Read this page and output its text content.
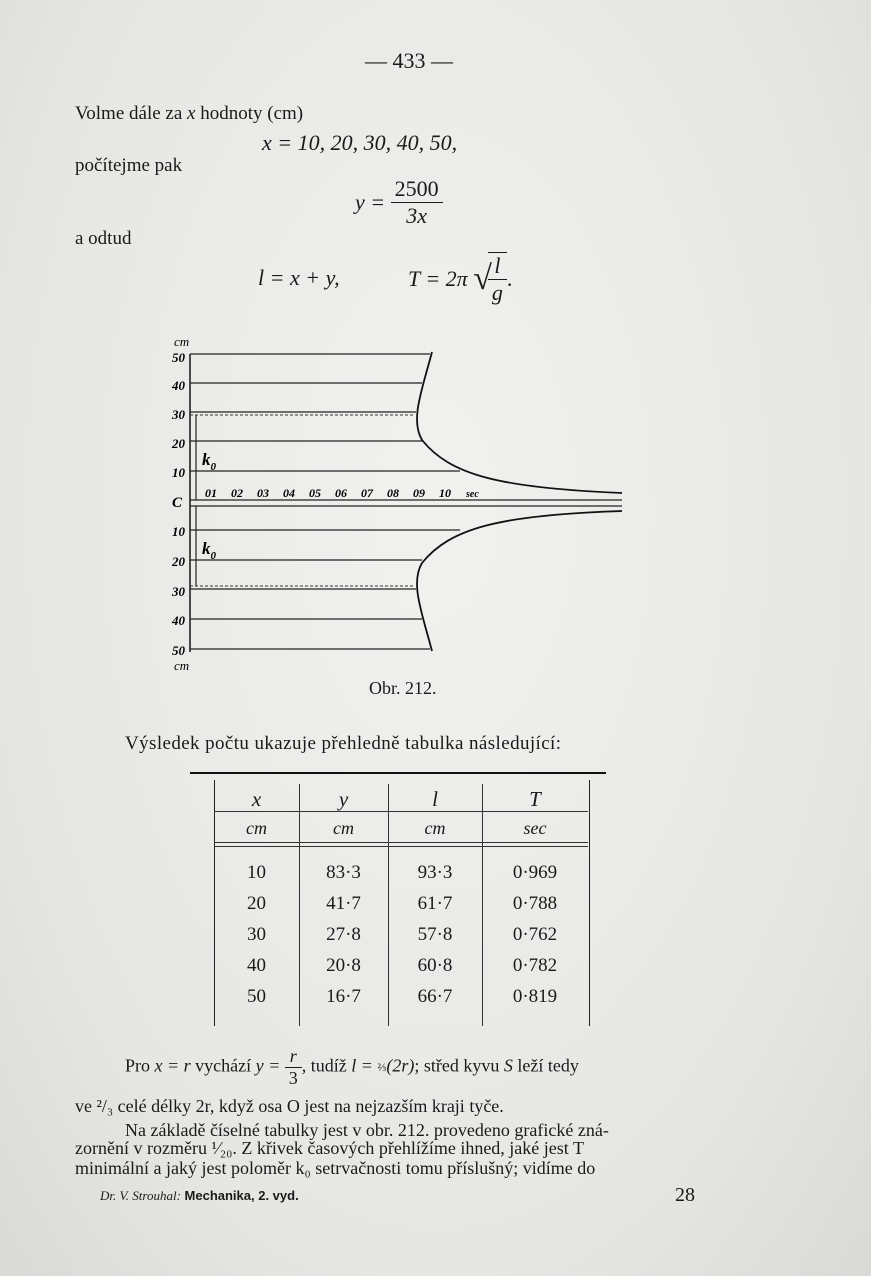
— 433 —
Volme dále za x hodnoty (cm)
x = 10, 20, 30, 40, 50,
počítejme pak
$y = \frac{2500}{3x}$
a odtud
l = x + y,	T = 2π √
$\frac{l}{g}$ .
cm
50
40
30
20
10
C
10
20
30
40
50
cm
$k_0$
$k_0$
01 02 03 04 05 06 07 08 09 10 sec
Obr. 212.
Výsledek počtu ukazuje přehledně tabulka následující:
x	y	l	T
cm	cm	cm	sec
10	83·3	93·3	0·969
20	41·7	61·7	0·788
30	27·8	57·8	0·762
40	20·8	60·8	0·782
50	16·7	66·7	0·819
Pro x = r vychází $y = \frac{r}{3}$ , tudíž l = ⅔(2r); střed kyvu S leží tedy
ve ²/₃ celé délky 2r, když osa O jest na nejzazším kraji tyče.
Na základě číselné tabulky jest v obr. 212. provedeno grafické zná-
zornění v rozměru ¹⁄₂₀. Z křivek časových přehlížíme ihned, jaké jest T
minimální a jaký jest poloměr k₀ setrvačnosti tomu příslušný; vidíme do
Dr. V. Strouhal: Mechanika, 2. vyd.	28
